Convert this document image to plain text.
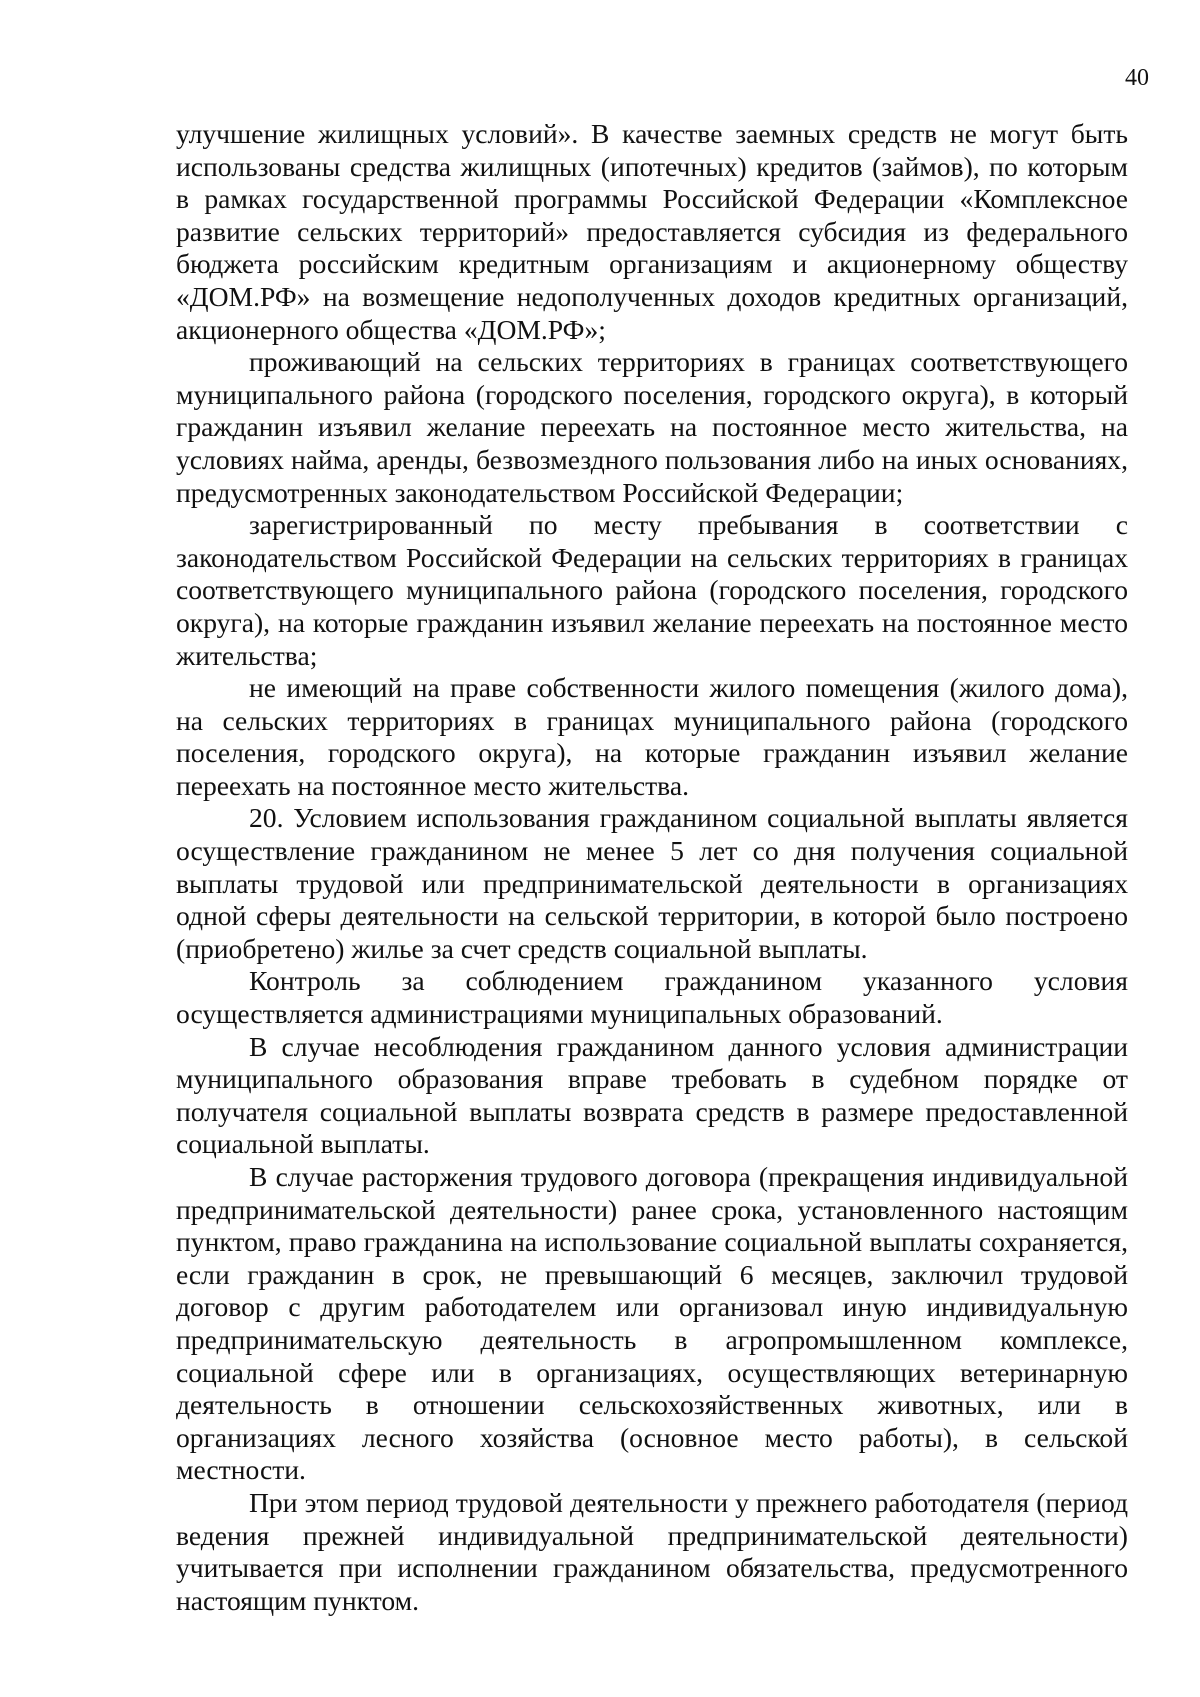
40

улучшение жилищных условий». В качестве заемных средств не могут быть использованы средства жилищных (ипотечных) кредитов (займов), по которым в рамках государственной программы Российской Федерации «Комплексное развитие сельских территорий» предоставляется субсидия из федерального бюджета российским кредитным организациям и акционерному обществу «ДОМ.РФ» на возмещение недополученных доходов кредитных организаций, акционерного общества «ДОМ.РФ»;

проживающий на сельских территориях в границах соответствующего муниципального района (городского поселения, городского округа), в который гражданин изъявил желание переехать на постоянное место жительства, на условиях найма, аренды, безвозмездного пользования либо на иных основаниях, предусмотренных законодательством Российской Федерации;

зарегистрированный по месту пребывания в соответствии с законодательством Российской Федерации на сельских территориях в границах соответствующего муниципального района (городского поселения, городского округа), на которые гражданин изъявил желание переехать на постоянное место жительства;

не имеющий на праве собственности жилого помещения (жилого дома), на сельских территориях в границах муниципального района (городского поселения, городского округа), на которые гражданин изъявил желание переехать на постоянное место жительства.

20. Условием использования гражданином социальной выплаты является осуществление гражданином не менее 5 лет со дня получения социальной выплаты трудовой или предпринимательской деятельности в организациях одной сферы деятельности на сельской территории, в которой было построено (приобретено) жилье за счет средств социальной выплаты.

Контроль за соблюдением гражданином указанного условия осуществляется администрациями муниципальных образований.

В случае несоблюдения гражданином данного условия администрации муниципального образования вправе требовать в судебном порядке от получателя социальной выплаты возврата средств в размере предоставленной социальной выплаты.

В случае расторжения трудового договора (прекращения индивидуальной предпринимательской деятельности) ранее срока, установленного настоящим пунктом, право гражданина на использование социальной выплаты сохраняется, если гражданин в срок, не превышающий 6 месяцев, заключил трудовой договор с другим работодателем или организовал иную индивидуальную предпринимательскую деятельность в агропромышленном комплексе, социальной сфере или в организациях, осуществляющих ветеринарную деятельность в отношении сельскохозяйственных животных, или в организациях лесного хозяйства (основное место работы), в сельской местности.

При этом период трудовой деятельности у прежнего работодателя (период ведения прежней индивидуальной предпринимательской деятельности) учитывается при исполнении гражданином обязательства, предусмотренного настоящим пунктом.
